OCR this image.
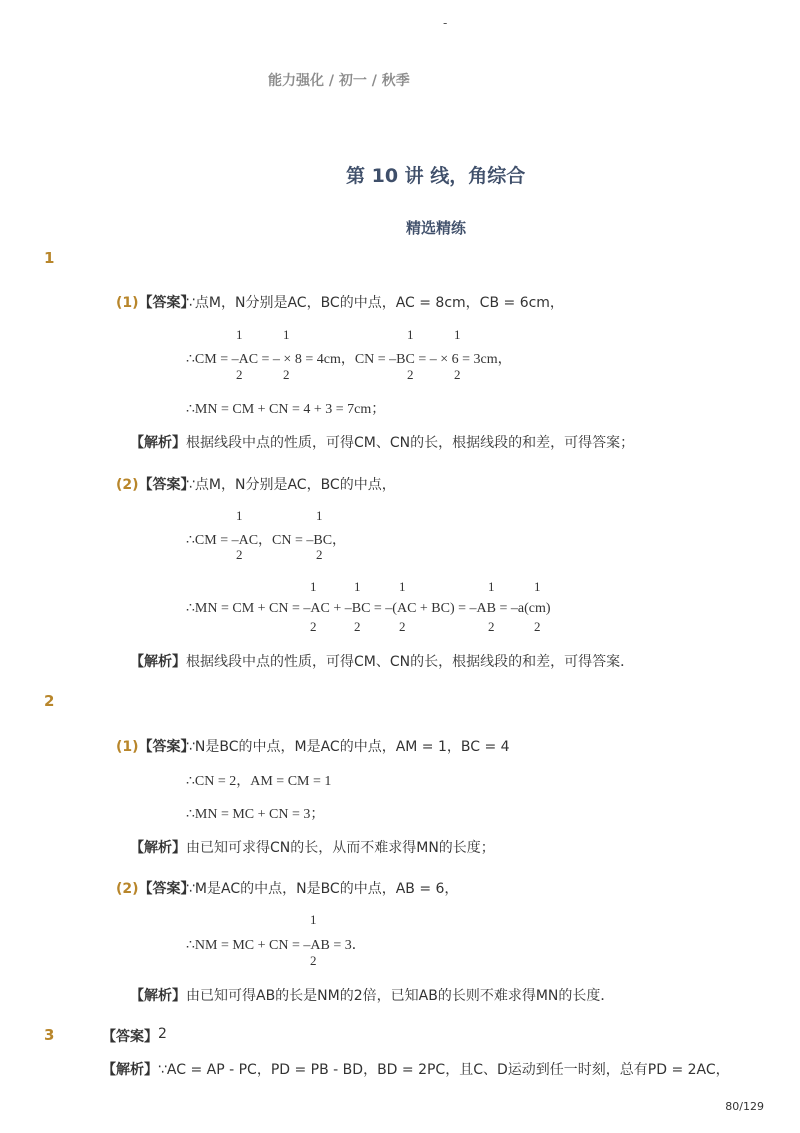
-
能力强化 / 初一 / 秋季
第 10 讲 线，角综合
精选精练
1
(1)【答案】
∵点M，N分别是AC，BC的中点，AC = 8cm，CB = 6cm，
1	1	1	1
∴CM = ‒AC = ‒ × 8 = 4cm，CN = ‒BC = ‒ × 6 = 3cm，
2	2	2	2
∴MN = CM + CN = 4 + 3 = 7cm；
【解析】 根据线段中点的性质，可得CM、CN的长，根据线段的和差，可得答案；
(2)【答案】
∵点M，N分别是AC，BC的中点，
1	1
∴CM = ‒AC，CN = ‒BC，
2	2
1	1	1	1	1
∴MN = CM + CN = ‒AC + ‒BC = ‒(AC + BC) = ‒AB = ‒a(cm)
2	2	2	2	2
【解析】 根据线段中点的性质，可得CM、CN的长，根据线段的和差，可得答案．
2
(1)【答案】
∵N是BC的中点，M是AC的中点，AM = 1，BC = 4
∴CN = 2，AM = CM = 1
∴MN = MC + CN = 3；
【解析】 由已知可求得CN的长，从而不难求得MN的长度；
(2)【答案】
∵M是AC的中点，N是BC的中点，AB = 6，
1
∴NM = MC + CN = ‒AB = 3．
2
【解析】 由已知可得AB的长是NM的2倍，已知AB的长则不难求得MN的长度．
3	【答案】 2
【解析】 ∵AC = AP - PC，PD = PB - BD，BD = 2PC，且C、D运动到任一时刻，总有PD = 2AC，
80/129
